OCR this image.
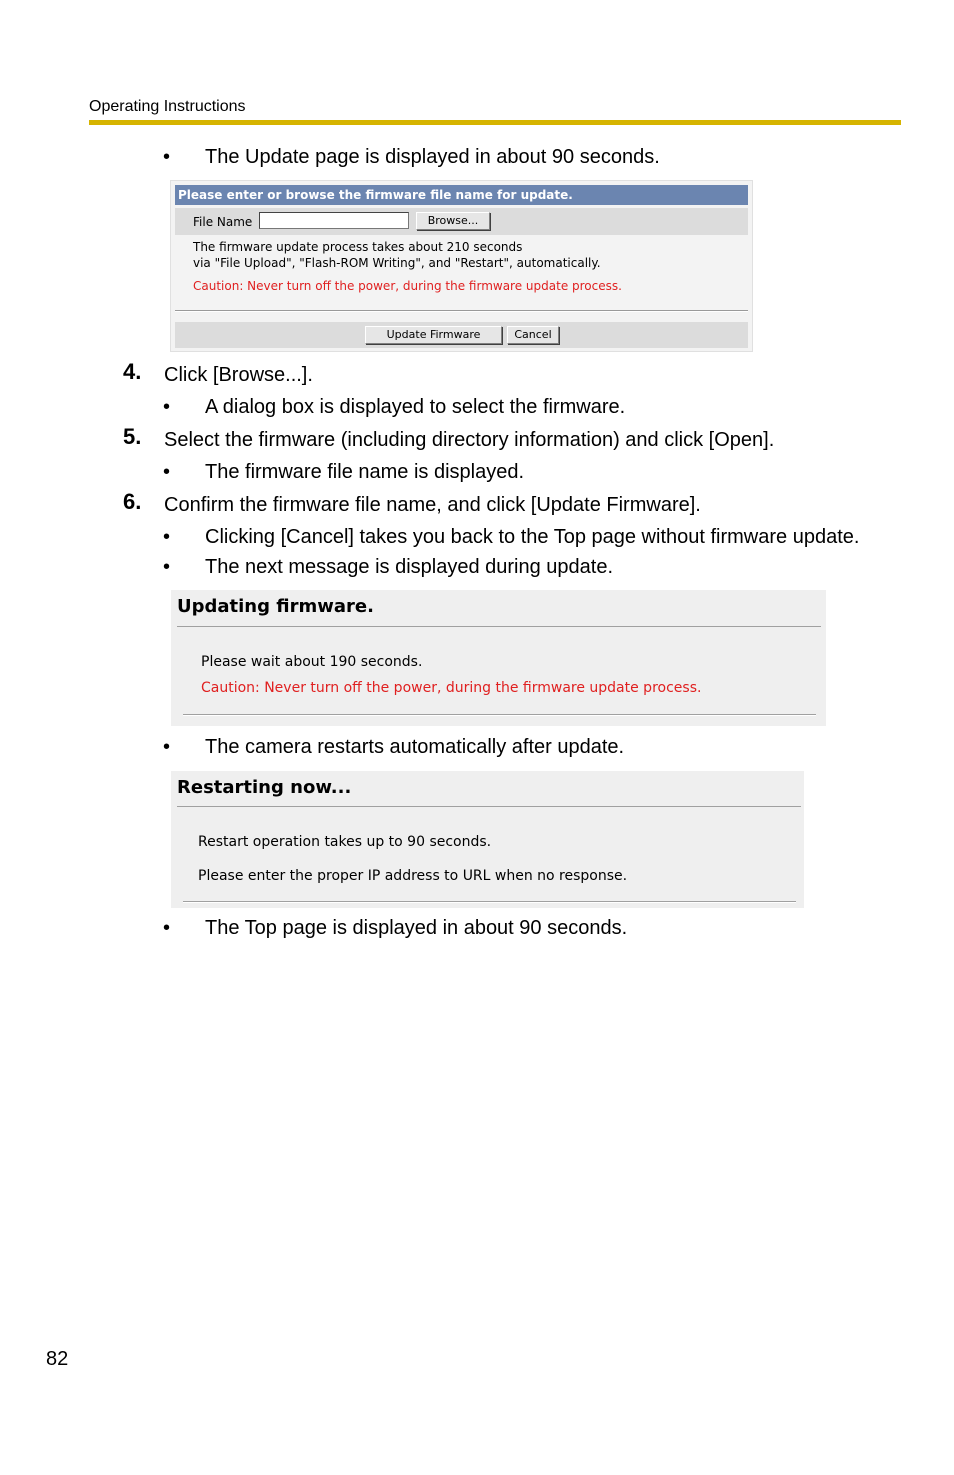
Operating Instructions
•	The Update page is displayed in about 90 seconds.
Please enter or browse the firmware file name for update.
File Name	Browse...
The firmware update process takes about 210 seconds
via "File Upload", "Flash-ROM Writing", and "Restart", automatically.
Caution: Never turn off the power, during the firmware update process.
Update Firmware	Cancel
4. Click [Browse...].
•	A dialog box is displayed to select the firmware.
5. Select the firmware (including directory information) and click [Open].
•	The firmware file name is displayed.
6. Confirm the firmware file name, and click [Update Firmware].
•	Clicking [Cancel] takes you back to the Top page without firmware update.
•	The next message is displayed during update.
Updating firmware.
Please wait about 190 seconds.
Caution: Never turn off the power, during the firmware update process.
•	The camera restarts automatically after update.
Restarting now...
Restart operation takes up to 90 seconds.
Please enter the proper IP address to URL when no response.
•	The Top page is displayed in about 90 seconds.
82
